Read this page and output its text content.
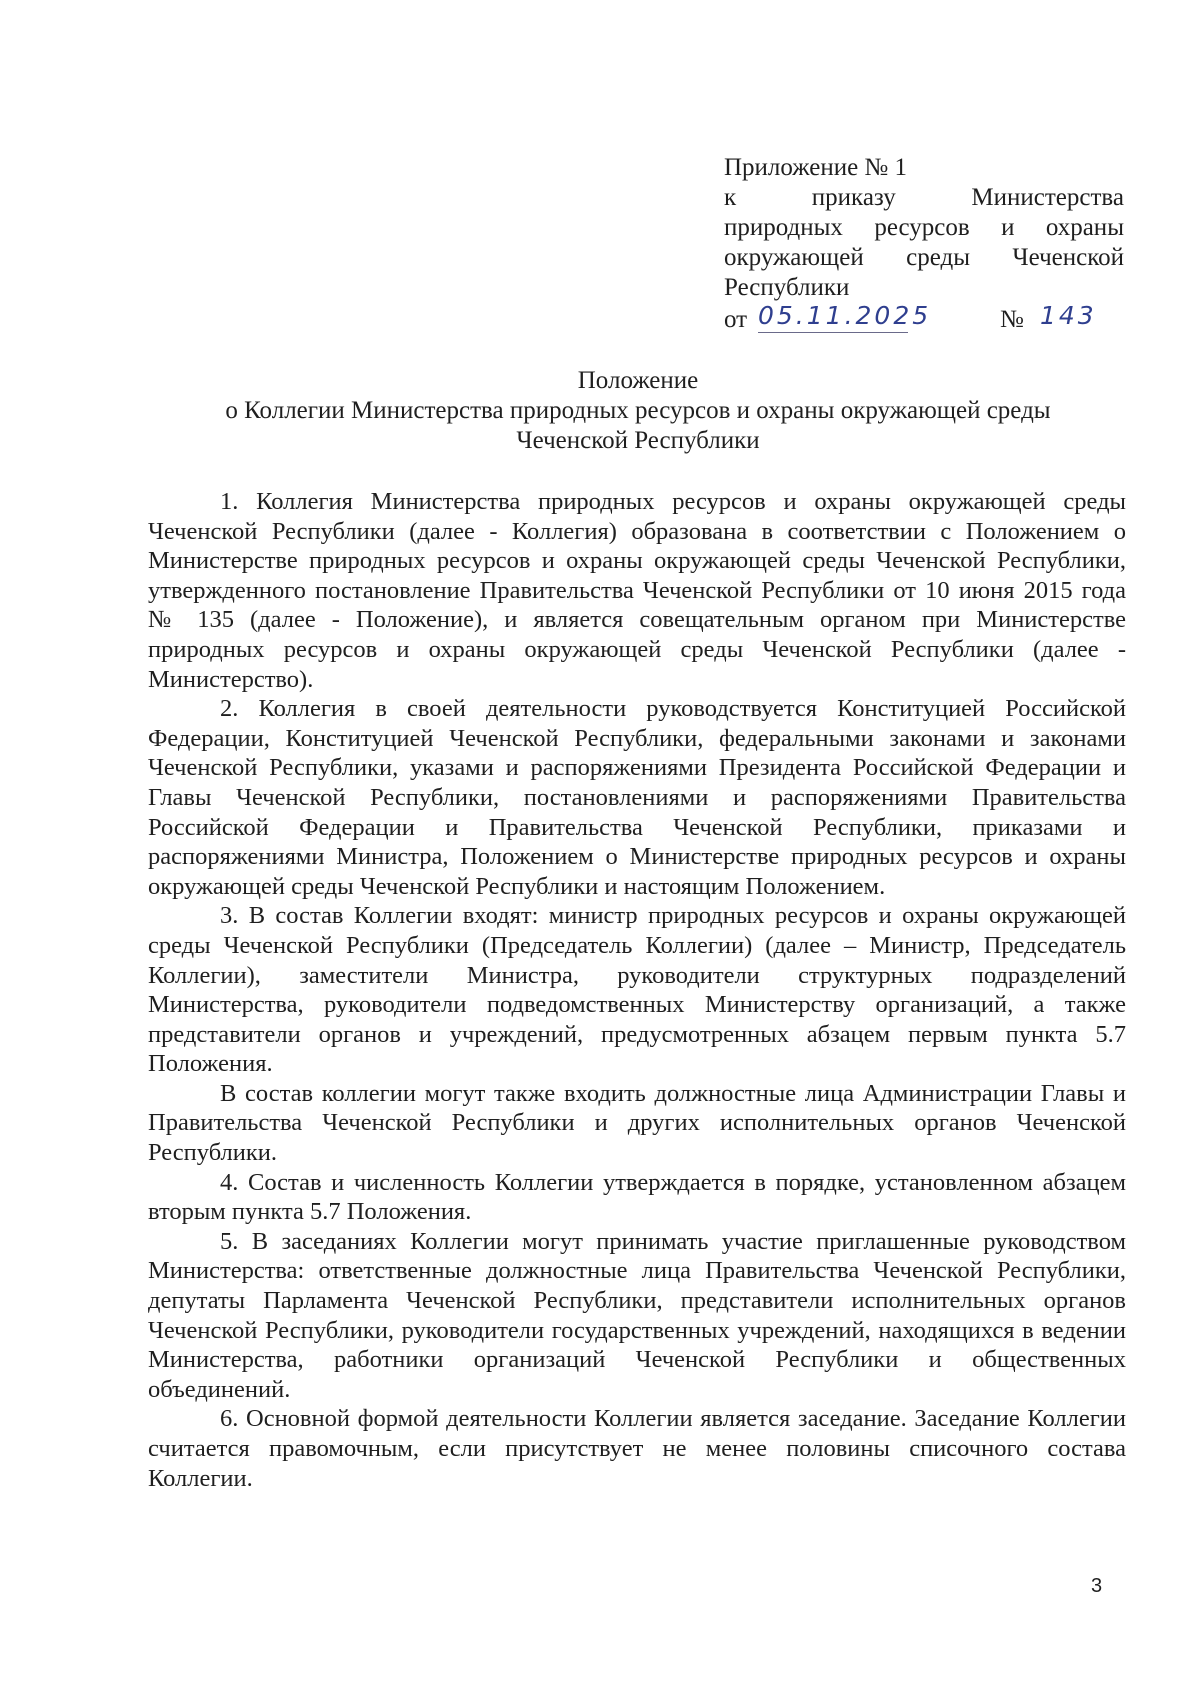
Приложение № 1
к приказу Министерства
природных ресурсов и охраны
окружающей среды Чеченской
Республики
от 05.11.2025	№ 143
Положение
о Коллегии Министерства природных ресурсов и охраны окружающей среды
Чеченской Республики

1. Коллегия Министерства природных ресурсов и охраны окружающей среды Чеченской Республики (далее - Коллегия) образована в соответствии с Положением о Министерстве природных ресурсов и охраны окружающей среды Чеченской Республики, утвержденного постановление Правительства Чеченской Республики от 10 июня 2015 года № 135 (далее - Положение), и является совещательным органом при Министерстве природных ресурсов и охраны окружающей среды Чеченской Республики (далее - Министерство).

2. Коллегия в своей деятельности руководствуется Конституцией Российской Федерации, Конституцией Чеченской Республики, федеральными законами и законами Чеченской Республики, указами и распоряжениями Президента Российской Федерации и Главы Чеченской Республики, постановлениями и распоряжениями Правительства Российской Федерации и Правительства Чеченской Республики, приказами и распоряжениями Министра, Положением о Министерстве природных ресурсов и охраны окружающей среды Чеченской Республики и настоящим Положением.

3. В состав Коллегии входят: министр природных ресурсов и охраны окружающей среды Чеченской Республики (Председатель Коллегии) (далее – Министр, Председатель Коллегии), заместители Министра, руководители структурных подразделений Министерства, руководители подведомственных Министерству организаций, а также представители органов и учреждений, предусмотренных абзацем первым пункта 5.7 Положения.

В состав коллегии могут также входить должностные лица Администрации Главы и Правительства Чеченской Республики и других исполнительных органов Чеченской Республики.

4. Состав и численность Коллегии утверждается в порядке, установленном абзацем вторым пункта 5.7 Положения.

5. В заседаниях Коллегии могут принимать участие приглашенные руководством Министерства: ответственные должностные лица Правительства Чеченской Республики, депутаты Парламента Чеченской Республики, представители исполнительных органов Чеченской Республики, руководители государственных учреждений, находящихся в ведении Министерства, работники организаций Чеченской Республики и общественных объединений.

6. Основной формой деятельности Коллегии является заседание. Заседание Коллегии считается правомочным, если присутствует не менее половины списочного состава Коллегии.

3
